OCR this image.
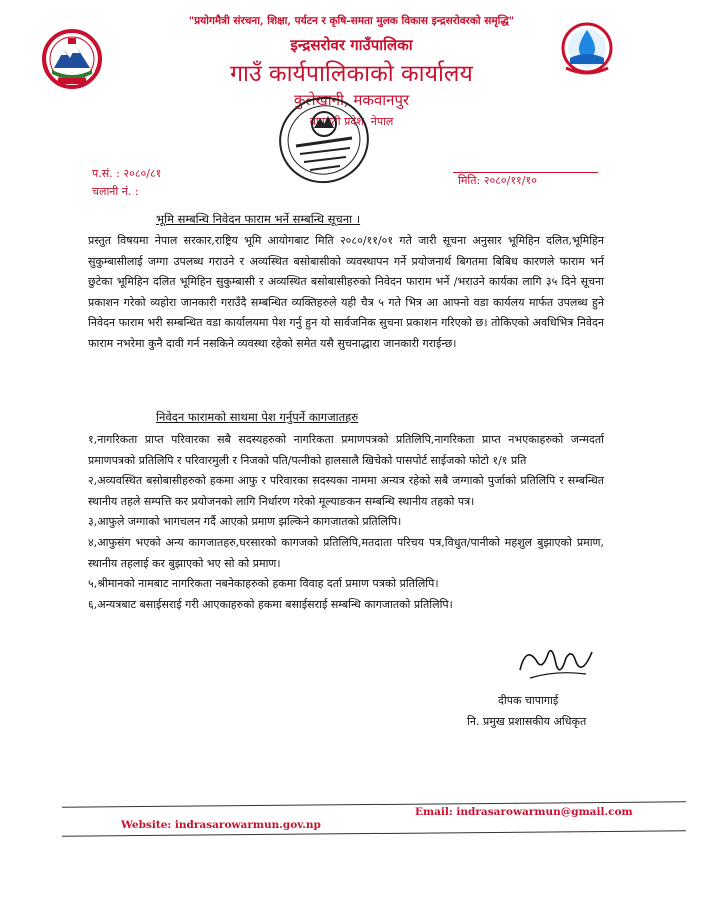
"प्रयोगमैत्री संरचना, शिक्षा, पर्यटन र कृषि-समता मुलक विकास इन्द्रसरोवरको समृद्धि"
इन्द्रसरोवर गाउँपालिका
गाउँ कार्यपालिकाको कार्यालय
कुलेखानी, मकवानपुर
बागमती प्रदेश, नेपाल
प.सं. : २०८०/८१
चलानी नं. :
मिति: २०८०/११/१०
भूमि सम्बन्धि निवेदन फाराम भर्ने सम्बन्धि सूचना ।
प्रस्तुत विषयमा नेपाल सरकार,राष्ट्रिय भूमि आयोगबाट मिति २०८०/११/०१ गते जारी सूचना अनुसार भूमिहिन दलित,भूमिहिन सुकुम्बासीलाई जग्गा उपलब्ध गराउने र अव्यस्थित बसोबासीको व्यवस्थापन गर्ने प्रयोजनार्थ बिगतमा बिबिध कारणले फाराम भर्न छुटेका भूमिहिन दलित भूमिहिन सुकुम्बासी र अव्यस्थित बसोबासीहरुको निवेदन फाराम भर्ने /भराउने कार्यका लागि ३५ दिने सूचना प्रकाशन गरेको व्यहोरा जानकारी गराउँदै सम्बन्धित व्यक्तिहरुले यही चैत्र ५ गते भित्र आ आफ्नो वडा कार्यलय मार्फत उपलब्ध हुने निवेदन फाराम भरी सम्बन्धित वडा कार्यालयमा पेश गर्नु हुन यो सार्वजनिक सुचना प्रकाशन गरिएको छ। तोकिएको अवधिभित्र निवेदन फाराम नभरेमा कुनै दावी गर्न नसकिने व्यवस्था रहेको समेत यसै सुचनाद्धारा जानकारी गराईन्छ।
निवेदन फारामको साथमा पेश गर्नुपर्ने कागजातहरु
१,नागरिकता प्राप्त परिवारका सबै सदस्यहरुको नागरिकता प्रमाणपत्रको प्रतिलिपि,नागरिकता प्राप्त नभएकाहरुको जन्मदर्ता प्रमाणपत्रको प्रतिलिपि र परिवारमुली र निजको पति/पत्नीको हालसालै खिचेको पासपोर्ट साईजको फोटो १/१ प्रति
२,अव्यवस्थित बसोबासीहरुको हकमा आफु र परिवारका सदस्यका नाममा अन्यत्र रहेको सबै जग्गाको पुर्जाको प्रतिलिपि र सम्बन्धित स्थानीय तहले सम्पत्ति कर प्रयोजनको लागि निर्धारण गरेको मूल्याङकन सम्बन्धि स्थानीय तहको पत्र।
३,आफुले जग्गाको भागचलन गर्दै आएको प्रमाण झल्किने कागजातको प्रतिलिपि।
४,आफुसंग भएको अन्य कागजातहरु,घरसारको कागजको प्रतिलिपि,मतदाता परिचय पत्र,विधुत/पानीको महशुल बुझाएको प्रमाण, स्थानीय तहलाई कर बुझाएको भए सो को प्रमाण।
५,श्रीमानको नामबाट नागरिकता नबनेकाहरुको हकमा विवाह दर्ता प्रमाण पत्रको प्रतिलिपि।
६,अन्यत्रबाट बसाईसराई गरी आएकाहरुको हकमा बसाईसराई सम्बन्धि कागजातको प्रतिलिपि।
दीपक चापागाई
नि. प्रमुख प्रशासकीय अधिकृत
Email: indrasarowarmun@gmail.com
Website: indrasarowarmun.gov.np
